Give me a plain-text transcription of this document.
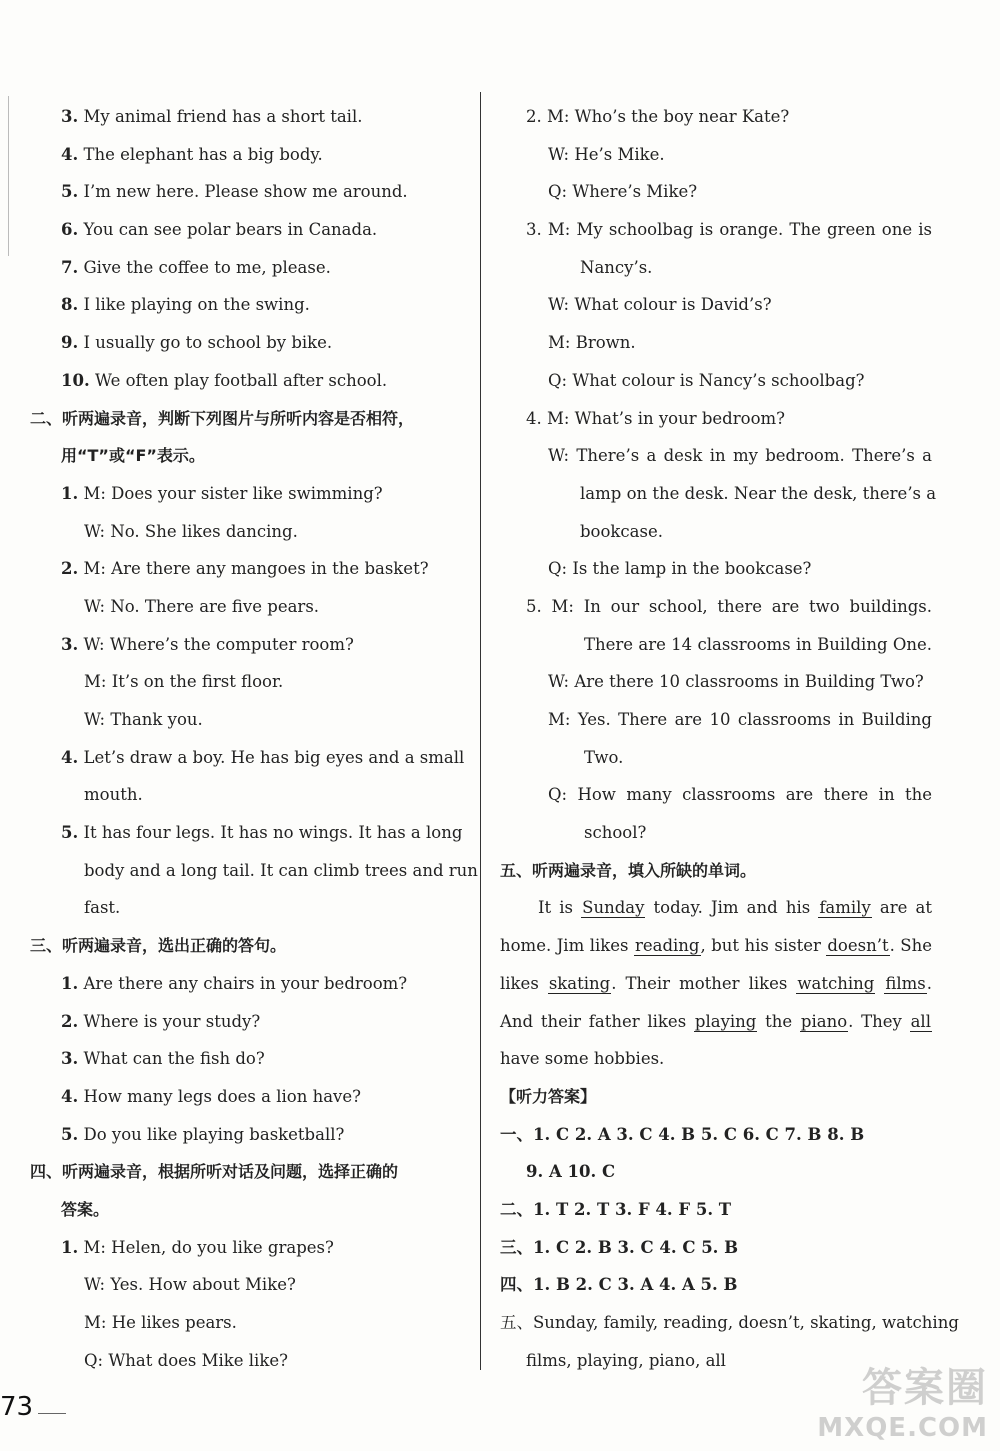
3. My animal friend has a short tail.
4. The elephant has a big body.
5. I’m new here. Please show me around.
6. You can see polar bears in Canada.
7. Give the coffee to me, please.
8. I like playing on the swing.
9. I usually go to school by bike.
10. We often play football after school.
二、听两遍录音，判断下列图片与所听内容是否相符，
用“T”或“F”表示。
1. M: Does your sister like swimming?
W: No. She likes dancing.
2. M: Are there any mangoes in the basket?
W: No. There are five pears.
3. W: Where’s the computer room?
M: It’s on the first floor.
W: Thank you.
4. Let’s draw a boy. He has big eyes and a small
mouth.
5. It has four legs. It has no wings. It has a long
body and a long tail. It can climb trees and run
fast.
三、听两遍录音，选出正确的答句。
1. Are there any chairs in your bedroom?
2. Where is your study?
3. What can the fish do?
4. How many legs does a lion have?
5. Do you like playing basketball?
四、听两遍录音，根据所听对话及问题，选择正确的
答案。
1. M: Helen, do you like grapes?
W: Yes. How about Mike?
M: He likes pears.
Q: What does Mike like?
2. M: Who’s the boy near Kate?
W: He’s Mike.
Q: Where’s Mike?
3. M: My schoolbag is orange. The green one is
Nancy’s.
W: What colour is David’s?
M: Brown.
Q: What colour is Nancy’s schoolbag?
4. M: What’s in your bedroom?
W: There’s a desk in my bedroom. There’s a
lamp on the desk. Near the desk, there’s a
bookcase.
Q: Is the lamp in the bookcase?
5. M: In our school, there are two buildings.
There are 14 classrooms in Building One.
W: Are there 10 classrooms in Building Two?
M: Yes. There are 10 classrooms in Building
Two.
Q: How many classrooms are there in the
school?
五、听两遍录音，填入所缺的单词。
It is Sunday today. Jim and his family are at
home. Jim likes reading, but his sister doesn’t. She
likes skating. Their mother likes watching films.
And their father likes playing the piano. They all
have some hobbies.
【听力答案】
一、1. C 2. A 3. C 4. B 5. C 6. C 7. B 8. B
9. A 10. C
二、1. T 2. T 3. F 4. F 5. T
三、1. C 2. B 3. C 4. C 5. B
四、1. B 2. C 3. A 4. A 5. B
五、Sunday, family, reading, doesn’t, skating, watching
films, playing, piano, all
73	答案圈
MXQE.COM
